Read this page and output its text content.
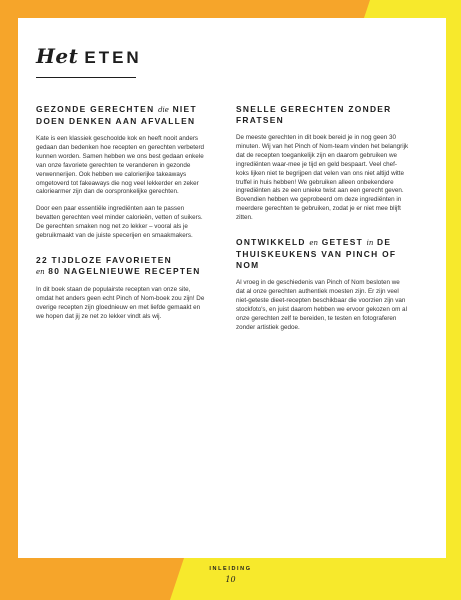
Het ETEN
GEZONDE GERECHTEN die NIET DOEN DENKEN AAN AFVALLEN

Kate is een klassiek geschoolde kok en heeft nooit anders gedaan dan bedenken hoe recepten en gerechten verbeterd kunnen worden. Samen hebben we ons best gedaan enkele van onze favoriete gerechten te veranderen in gezonde verwennerijen. Ook hebben we calorierijke takeaways omgetoverd tot fakeaways die nog veel lekkerder en zeker caloriearmer zijn dan de oorspronkelijke gerechten.

Door een paar essentiële ingrediënten aan te passen bevatten gerechten veel minder calorieën, vetten of suikers. De gerechten smaken nog net zo lekker – vooral als je gebruikmaakt van de juiste specerijen en smaakmakers.

22 TIJDLOZE FAVORIETEN
en 80 NAGELNIEUWE RECEPTEN

In dit boek staan de populairste recepten van onze site, omdat het anders geen echt Pinch of Nom-boek zou zijn! De overige recepten zijn gloednieuw en met liefde gemaakt en we hopen dat jij ze net zo lekker vindt als wij.

SNELLE GERECHTEN ZONDER FRATSEN

De meeste gerechten in dit boek bereid je in nog geen 30 minuten. Wij van het Pinch of Nom-team vinden het belangrijk dat de recepten toegankelijk zijn en daarom gebruiken we ingrediënten waar-mee je tijd en geld bespaart. Veel chef-koks lijken niet te begrijpen dat velen van ons niet altijd witte truffel in huis hebben! We gebruiken alleen onbekendere ingrediënten als ze een unieke twist aan een gerecht geven. Bovendien hebben we geprobeerd om deze ingrediënten in meerdere gerechten te gebruiken, zodat je er niet mee blijft zitten.

ONTWIKKELD en GETEST in DE THUISKEUKENS VAN PINCH OF NOM

Al vroeg in de geschiedenis van Pinch of Nom besloten we dat al onze gerechten authentiek moesten zijn. Er zijn veel niet-geteste dieet-recepten beschikbaar die voorzien zijn van stockfoto's, en juist daarom hebben we ervoor gekozen om al onze gerechten zelf te bereiden, te testen en fotograferen zonder artistiek gedoe.

INLEIDING
10
